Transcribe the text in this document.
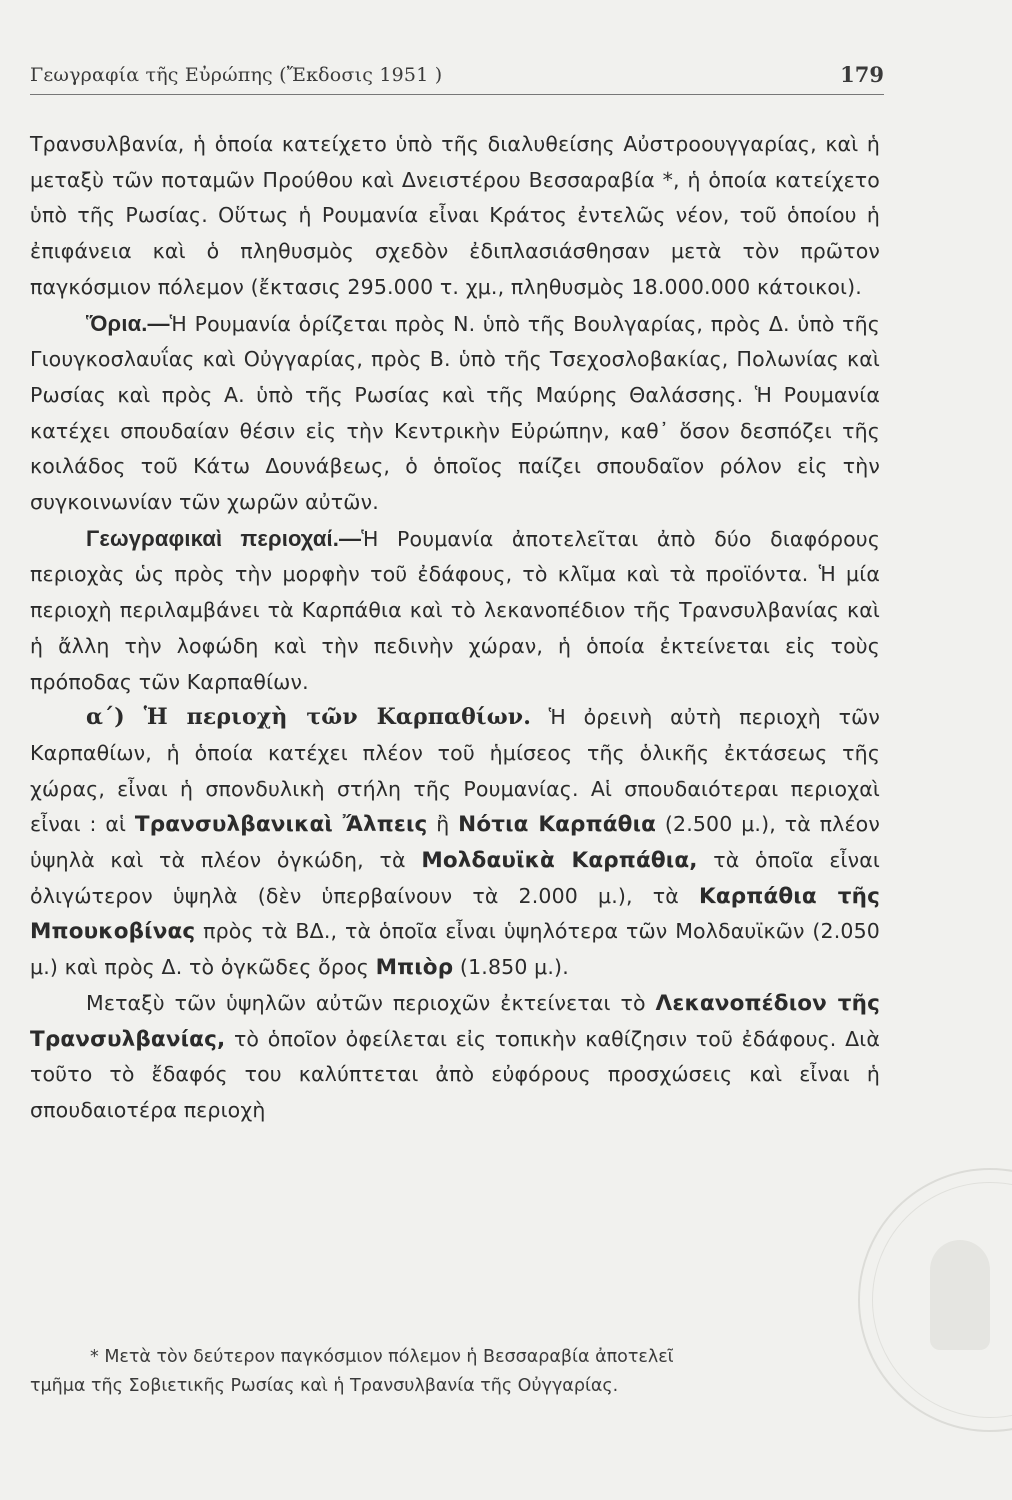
Γεωγραφία τῆς Εὐρώπης (Ἔκδοσις 1951 )	179

Τρανσυλβανία, ἡ ὁποία κατείχετο ὑπὸ τῆς διαλυθείσης Αὐστροουγγαρίας, καὶ ἡ μεταξὺ τῶν ποταμῶν Προύθου καὶ Δνειστέρου Βεσσαραβία *, ἡ ὁποία κατείχετο ὑπὸ τῆς Ρωσίας. Οὕτως ἡ Ρουμανία εἶναι Κράτος ἐντελῶς νέον, τοῦ ὁποίου ἡ ἐπιφάνεια καὶ ὁ πληθυσμὸς σχεδὸν ἐδιπλασιάσθησαν μετὰ τὸν πρῶτον παγκόσμιον πόλεμον (ἔκτασις 295.000 τ. χμ., πληθυσμὸς 18.000.000 κάτοικοι).

Ὅρια.—Ἡ Ρουμανία ὁρίζεται πρὸς Ν. ὑπὸ τῆς Βουλγαρίας, πρὸς Δ. ὑπὸ τῆς Γιουγκοσλαυΐας καὶ Οὐγγαρίας, πρὸς Β. ὑπὸ τῆς Τσεχοσλοβακίας, Πολωνίας καὶ Ρωσίας καὶ πρὸς Α. ὑπὸ τῆς Ρωσίας καὶ τῆς Μαύρης Θαλάσσης. Ἡ Ρουμανία κατέχει σπουδαίαν θέσιν εἰς τὴν Κεντρικὴν Εὐρώπην, καθ᾽ ὅσον δεσπόζει τῆς κοιλάδος τοῦ Κάτω Δουνάβεως, ὁ ὁποῖος παίζει σπουδαῖον ρόλον εἰς τὴν συγκοινωνίαν τῶν χωρῶν αὐτῶν.

Γεωγραφικαὶ περιοχαί.—Ἡ Ρουμανία ἀποτελεῖται ἀπὸ δύο διαφόρους περιοχὰς ὡς πρὸς τὴν μορφὴν τοῦ ἐδάφους, τὸ κλῖμα καὶ τὰ προϊόντα. Ἡ μία περιοχὴ περιλαμβάνει τὰ Καρπάθια καὶ τὸ λεκανοπέδιον τῆς Τρανσυλβανίας καὶ ἡ ἄλλη τὴν λοφώδη καὶ τὴν πεδινὴν χώραν, ἡ ὁποία ἐκτείνεται εἰς τοὺς πρόποδας τῶν Καρπαθίων.

α΄) Ἡ περιοχὴ τῶν Καρπαθίων. Ἡ ὀρεινὴ αὐτὴ περιοχὴ τῶν Καρπαθίων, ἡ ὁποία κατέχει πλέον τοῦ ἡμίσεος τῆς ὁλικῆς ἐκτάσεως τῆς χώρας, εἶναι ἡ σπονδυλικὴ στήλη τῆς Ρουμανίας. Αἱ σπουδαιότεραι περιοχαὶ εἶναι : αἱ Τρανσυλβανικαὶ Ἄλπεις ἢ Νότια Καρπάθια (2.500 μ.), τὰ πλέον ὑψηλὰ καὶ τὰ πλέον ὀγκώδη, τὰ Μολδαυϊκὰ Καρπάθια, τὰ ὁποῖα εἶναι ὀλιγώτερον ὑψηλὰ (δὲν ὑπερβαίνουν τὰ 2.000 μ.), τὰ Καρπάθια τῆς Μπουκοβίνας πρὸς τὰ ΒΔ., τὰ ὁποῖα εἶναι ὑψηλότερα τῶν Μολδαυϊκῶν (2.050 μ.) καὶ πρὸς Δ. τὸ ὀγκῶδες ὄρος Μπιὸρ (1.850 μ.).

Μεταξὺ τῶν ὑψηλῶν αὐτῶν περιοχῶν ἐκτείνεται τὸ Λεκανοπέδιον τῆς Τρανσυλβανίας, τὸ ὁποῖον ὀφείλεται εἰς τοπικὴν καθίζησιν τοῦ ἐδάφους. Διὰ τοῦτο τὸ ἔδαφός του καλύπτεται ἀπὸ εὐφόρους προσχώσεις καὶ εἶναι ἡ σπουδαιοτέρα περιοχὴ

* Μετὰ τὸν δεύτερον παγκόσμιον πόλεμον ἡ Βεσσαραβία ἀποτελεῖ

τμῆμα τῆς Σοβιετικῆς Ρωσίας καὶ ἡ Τρανσυλβανία τῆς Οὐγγαρίας.
